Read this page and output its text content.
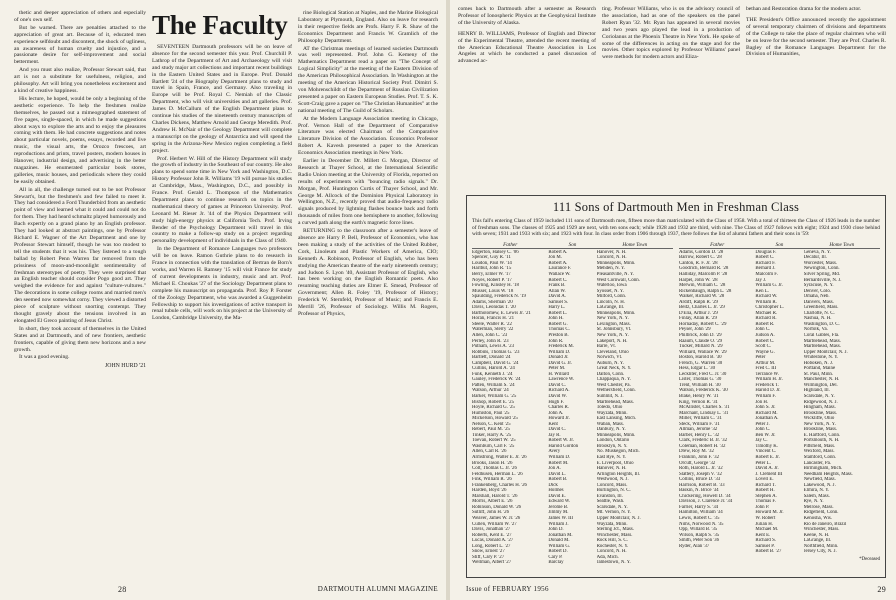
thetic and deeper appreciation of others and especially of one's own self.

But be warned. There are penalties attached to the appreciation of great art. Because of it, educated men experience selfdoubt and discontent, the shock of ugliness, an awareness of human cruelty and injustice, and a passionate desire for self-improvement and social betterment.

And you must also realize, Professor Stewart said, that art is not a substitute for usefulness, religion, and philosophy. Art will bring you nonetheless excitement and a kind of creative happiness.

His lecture, he hoped, would be only a beginning of the aesthetic experience. To help the freshmen realize themselves, he passed out a mimeographed statement of five pages, single-spaced, in which he made suggestions about ways to explore the arts and to enjoy the pleasures coming with them. He had concrete suggestions and notes about particular novels, poems, essays, recorded and live music, the visual arts, the Orozco frescoes, art reproductions and prints, travel posters, modern houses in Hanover, industrial design, and advertising in the better magazines. He enumerated particular book stores, galleries, music houses, and periodicals where they could be easily obtained.

All in all, the challenge turned out to be not Professor Stewart's, but the freshmen's and few failed to meet it. They had considered a Ford Thunderbird from an aesthetic point of view and learned what it could and could not do for them. They had heard schmaltz played humorously and Bach expertly on a grand piano by an English professor. They had looked at abstract paintings, one by Professor Richard E. Wagner of the Art Department and one by Professor Stewart himself, though he was too modest to tell the students that it was his. They listened to a tough ballad by Robert Penn Warren far removed from the prissiness of moon-and-moonlight sentimentality of freshman stereotypes of poetry. They were surprised that an English teacher should consider Pogo good art. They weighed the evidence for and against "culture-vultures." The decorations in some college rooms and married men's den seemed now somewhat corny. They viewed a distorted piece of sculpture without snorting contempt. They thought gravely about the tensions involved in an elongated El Greco painting of Jesus Christ.

In short, they took account of themselves in the United States and at Dartmouth, and of new frontiers, aesthetic frontiers, capable of giving them new horizons and a new growth.

It was a good evening.

JOHN HURD '21
The Faculty

SEVENTEEN Dartmouth professors will be on leave of absence for the second semester this year. Prof. Churchill P. Lathrop of the Department of Art and Archaeology will visit and study major art collections and important recent buildings in the Eastern United States and in Europe. Prof. Donald Bartlett '24 of the Biography Department plans to study and travel in Spain, France, and Germany. Also traveling in Europe will be Prof. Royal C. Nemiah of the Classic Department, who will visit universities and art galleries. Prof. James D. McCallum of the English Department plans to continue his studies of the nineteenth century manuscripts of Charles Dickens, Matthew Arnold and George Meredith. Prof. Andrew H. McNair of the Geology Department will complete a manuscript on the geology of Antarctica and will spend the spring in the Arizona-New Mexico region completing a field project.

Prof. Herbert W. Hill of the History Department will study the growth of industry in the Southeast of our country. He also plans to spend some time in New York and Washington, D.C. History Professor John R. Williams '19 will pursue his studies at Cambridge, Mass., Washington, D.C., and possibly in France. Prof. Gerald L. Thompson of the Mathematics Department plans to continue research on topics in the mathematical theory of games at Princeton University. Prof. Leonard M. Rieser Jr. '44 of the Physics Department will study high-energy physics at California Tech. Prof. Irving Bender of the Psychology Department will travel in this country to make a follow-up study on a project regarding personality development of individuals in the Class of 1940.

In the Department of Romance Languages two professors will be on leave. Ramon Guthrie plans to do research in France in connection with the translation of Bertran de Born's works, and Warren H. Ramsey '15 will visit France for study of current developments in industry, music and art. Prof. Michael E. Choukas '27 of the Sociology Department plans to complete his manuscript on propaganda. Prof. Roy P. Forster of the Zoology Department, who was awarded a Guggenheim Fellowship to support his investigations of active transport in renal tubule cells, will work on his project at the University of London, Cambridge University, the Ma-

rine Biological Station at Naples, and the Marine Biological Laboratory at Plymouth, England. Also on leave for research in their respective fields are Profs. Harry F. R. Shaw of the Economics Department and Francis W. Gramlich of the Philosophy Department.

AT the Christmas meetings of learned societies Dartmouth was well represented. Prof. John G. Kemeny of the Mathematics Department read a paper on "The Concept of Logical Simplicity" at the meeting of the Eastern Division of the American Philosophical Association. In Washington at the meeting of the American Historical Society Prof. Dimitri S. von Mohrenschildt of the Department of Russian Civilization presented a paper on Eastern European Studies. Prof. T. S. K. Scott-Craig gave a paper on "The Christian Humanities" at the national meeting of The Guild of Scholars.

At the Modern Language Association meeting in Chicago, Prof. Vernon Hall of the Department of Comparative Literature was elected Chairman of the Comparative Literature Division of the Association. Economics Professor Robert A. Kavesh presented a paper to the American Economics Association meetings in New York.

Earlier in December Dr. Millett G. Morgan, Director of Research at Thayer School, at the International Scientific Radio Union meeting at the University of Florida, reported on results of experiments with "bouncing radio signals." Dr. Morgan, Prof. Huntington Curtis of Thayer School, and Mr. George M. Allcock of the Dominion Physical Laboratory in Wellington, N.Z., recently proved that audio-frequency radio signals produced by lightning flashes bounce back and forth thousands of miles from one hemisphere to another, following a curved path along the earth's magnetic force lines.

RETURNING to the classroom after a semester's leave of absence are Harry P. Bell, Professor of Economics, who has been making a study of the activities of the United Rubber, Cork, Linoleum and Plastic Workers of America, CIO; Kenneth A. Robinson, Professor of English, who has been studying the American theatre of the early nineteenth century; and Judson S. Lyon '40, Assistant Professor of English, who has been working on the English Romantic poets. Also resuming teaching duties are Elmer E. Smead, Professor of Government; Allen R. Foley '19, Professor of History; Frederick W. Sternfeld, Professor of Music; and Francis E. Merrill '26, Professor of Sociology. Willis M. Rogers, Professor of Physics,

28	DARTMOUTH ALUMNI MAGAZINE

comes back to Dartmouth after a semester as Research Professor of Ionospheric Physics at the Geophysical Institute of the University of Alaska.

HENRY B. WILLIAMS, Professor of English and Director of the Experimental Theatre, attended the recent meeting of the American Educational Theatre Association in Los Angeles at which he conducted a panel discussion of advanced ac-

ting. Professor Williams, who is on the advisory council of the association, had as one of the speakers on the panel Robert Ryan '32. Mr. Ryan has appeared in several movies and two years ago played the lead in a production of Coriolanus at the Phoenix Theatre in New York. He spoke of some of the differences in acting on the stage and for the movies. Other topics explored by Professor Williams' panel were methods for modern actors and Eliza-

bethan and Restoration drama for the modern actor.

THE President's Office announced recently the appointment of several temporary chairmen of divisions and departments of the College to take the place of regular chairmen who will be on leave for the second semester. They are Prof. Charles R. Bagley of the Romance Languages Department for the Division of Humanities,

111 Sons of Dartmouth Men in Freshman Class
This fall's entering Class of 1959 included 111 sons of Dartmouth men, fifteen more than matriculated with the Class of 1958. With a total of thirteen the Class of 1926 leads in the number of freshman sons. The classes of 1925 and 1929 are next, with ten sons each; while 1928 and 1932 are third, with nine. The Class of 1927 follows with eight; 1924 and 1930 close behind with seven; 1931 and 1933 with six; and 1923 with four. In class order from 1906 through 1937, there follows the list of alumni fathers and their sons in '59:
Father	Son	Home Town
Edgerton, Halsey C. '06	Robert A.	Hanover, N. H.
Spencer, Guy R. '11	Jon M.	Concord, N. H.
Loudon, Paul W. '14	Robert A.	Minneapolis, Minn.
Harlbut, John R. '15	Laurance F.	Mehden, N. Y.
Berry, Elmer W. '17	Wallace W.	Pleasantville, N. Y.
Noyes, Robert P. '17	Robert C.	West Cornwall, Conn.
Fowling, Kinsley H. '18	Frank B.	Waterloo, Iowa
Musser, Louis W. '18	Allan W.	Syosset, N. Y.
Spaulding, Frederick N. '19	David A.	Milford, Conn.
Adams, Sherman '20	Samuel S.	Lincoln, N. H.
Davis, Leonidas T. '20	Harry L.	LaGrange, Ill.
Bartholomew, E. Lewis Jr. '21	Robert L.	Minneapolis, Minn.
Horan, Francis H. '21	John H.	New York, N. Y.
Steele, Walter R. '22	Robert G.	Lexington, Mass.
Waterman, Sterry '22	Thomas C.	St. Johnsbury, Vt.
Allen, John C. '23	Preston B.	New York, N. Y.
Perley, John R. '23	John R.	Lakeport, N. H.
Putnam, Lewis A. '23	Frederick M.	Barre, Vt.
Robbins, Thomas G. '23	William D.	Cleveland, Ohio
Bartlett, Donald '24	Donald Jr.	Norwich, Vt.
Campbell, David G. '24	David G. Jr.	Auburn, N. Y.
Cullins, Harold A. '24	Peter M.	Great Neck, N. Y.
Funk, Kenneth J. '24	H. Willard	Dalton, Conn.
Gauley, Frederick W. '24	Lawrence W.	Chappaqua, N. Y.
Patten, William S. '24	David C.	West Chester, Pa.
Watson, Arthur '24	Richard A.	Wethersfield, Conn.
Barker, William G. '25	David W.	Summit, N. J.
Bishop, Robert E. '25	Hugh F.	Marblehead, Mass.
Hoyle, Richard G. '25	Charles R.	Toledo, Ohio
Humiston, Paul '25	John A.	Wayzata, Minn.
Mickelson, Howard '25	Howard Jr.	East Lansing, Mich.
Nelson, C. Kent '25	Kent	Waban, Mass.
Rebert, Paul M. '25	David C.	Danbury, N. Y.
Tinker, Harry A. '25	Jay R.	Minneapolis, Minn.
Toevan, Robert W. '25	Robert W. Jr.	London, Ontario
Washburn, Carl F. '25	Harold Gordon	Brooklyn, N. Y.
Allen, Carl R. '26	Avery	No. Muskegon, Mich.
Armstrong, Walter E. Jr. '26	William D.	East Rye, N. Y.
Brooks, Jason H. '26	Robert M.	E. Liverpool, Ohio
Colt, Thomas C. Jr. '26	Jon A.	Hanover, N. H.
Feldhusen, Herman L. '26	David L.	Arlington Heights, Ill.
Fink, William R. '26	Robert B.	Westwood, N. J.
Frankenberg, Charles H. '26	Dick	Concord, Mass.
Harden, Boyd '26	Holmes	Burlington, N. C.
Marshall, Harold T. '26	David E.	Evanston, Ill.
Morris, Albert E. '26	Edward W.	Seattle, Wash.
Robinson, Donald W. '26	Jerome B.	Scarsdale, N. Y.
Sutliff, John H. '26	Jimmy M.	Mt. Vernon, N. Y.
Weaver, James W. Jr. '26	James W. III	Upper Montclair, N. J.
Cullen, William W. '27	William J.	Wayzata, Minn.
Davis, Jonathan '27	John D.	Sterling Jct., Mass.
Roberts, Kent E. '27	Jonathan M.	Winchester, Mass.
Lucas, Donald A. '27	Donald M.	Rock Hill, S. C.
Long, Robert L. '27	William G.	Rochester, N. Y.
Snow, Ernest '27	Robert D.	Concord, N. H.
Stiff, Cary P. '27	Cary P.	Ada, Mich.
Wellman, Albert '27	Barclay	Jamestown, N. Y.
Father	Son	Home Town
Adams, Gordon D. '28	Douglas F.	Geneva, N. Y.
Barrow, Robert C. '28	Robert C.	Decatur, Ill.
Canton, R. F. Jr. '28	Richard F.	Worcester, Mass.
Goodrich, Bernard R. '28	Bernard J.	Newington, Conn.
Halliday, Malcolm P. '28	Malcolm F.	Silver Spring, Md.
Harpel, John W. '28	Jay J.	Bernardsville, N. J.
Merwin, William C. '28	William G. Jr.	Syracuse, N. Y.
Rickenbaugh, Ralph L. '28	Ken L.	Denver, Colo.
Walker, Richard W. '28	Richard W.	Omaha, Neb.
Ardiff, Ralph R. '29	William R.	Danvers, Mass.
Beitz, Charles L. Jr. '29	Christopher L.	Greenfield, Mass.
D'Elia, Arthur J. '29	Michael R.	Charlotte, N. C.
Finlay, Allan R. '29	Richard R.	Nashua, N. H.
Hornaday, Robert C. '29	Robert R.	Washington, D. C.
Peyser, John '29	John C.	Norfolk, Va.
Philbrick, John D. '29	Judson A.	Coral Gables, Fla.
Raaum, Claude O. '29	Robert C.	Marblehead, Mass.
Tucker, Millard N. '29	Scott C.	Marblehead, Mass.
Williard, Wallace W. '29	Wayne G.	Upper Montclair, N. J.
Boston, Harold B. '30	Peter	Whitestone, N. Y.
French, G. Warren '30	Arthur M.	Hoboken, N. J.
Hess, Edgar L. '30	Fred C. III	Portland, Maine
Leckliter, Fred C. Jr. '30	Terrance W.	St. Paul, Minn.
Lister, Thomas G. '30	William H. Jr.	Manchester, N. H.
Trent, William H. '30	Frederick T.	Wilmington, Del.
Watson, Frederick K. '30	Harold D. Jr.	Highland, Ill.
Blake, Henry W. '31	William F.	Scarsdale, N. Y.
King, Vernon R. '31	Jon H.	Ridgewood, N. J.
McAllister, Charles S. '31	John S. Jr.	Hingham, Mass.
Marchant, Lindsay L. '31	Richard M.	Brookline, Mass.
Miller, William C. '31	Jonathan A.	Wickliffe, Ohio
Steck, William F. '31	Peter J.	New York, N. Y.
Allman, Jerome '32	John C.	Brookline, Mass.
Barber, Henry L. '32	Ben W. Jr.	E. Hartford, Conn.
Clark, Frederic B. Jr. '32	Jay C.	Portsmouth, N. H.
Coleman, Robert H. '32	Timothy K.	Pittsfield, Mass.
Drew, Roy M. '32	Vincent C.	Wexford, Mass.
Franklin, John F. '32	Robert E. Jr.	Stamford, Conn.
Orcutt, George '32	Peter L.	Lancaster, Pa.
Roth, Harold L. Jr. '32	David A. Jr.	Birmingham, Mich.
Slattery, Joseph V. '32	J. Clement III	Needham Heights, Mass.
Collins, Bruce D. '33	Lovell E.	Newfield, Mass.
Harrison, Robert B. '33	Richard T.	Lakewood, N. J.
Baskin, N. Brice '34	Robert H.	Elmira, N. Y.
Chickering, Howell D. '34	Stephen A.	Salem, Mass.
Davison, J. Clarence Jr. '34	Thomas F.	Rye, N. Y.
Farrier, Harry S. '34	John P.	Melrose, Mass.
Hamilton, William '34	Howard M. Jr.	Ridgefield, Conn.
Lewis, Robert C. '35	W. Robert	Kenosha, Wis.
Nims, Norwood N. '35	Julian H.	Rio de Janeiro, Brazil
Opp, Willard B. '35	Michael M.	Winchester, Mass.
Wilson, Ralph S. '35	Kent E.	Keene, N. H.
Smith, Peter Son '36	Richard S.	LaGrange, Ill.
Ryder, Alan '37	Samuel P.	Northfield, Minn.
Robert B. '27	Jersey City, N. J.
*Deceased
Issue of FEBRUARY 1956	29
